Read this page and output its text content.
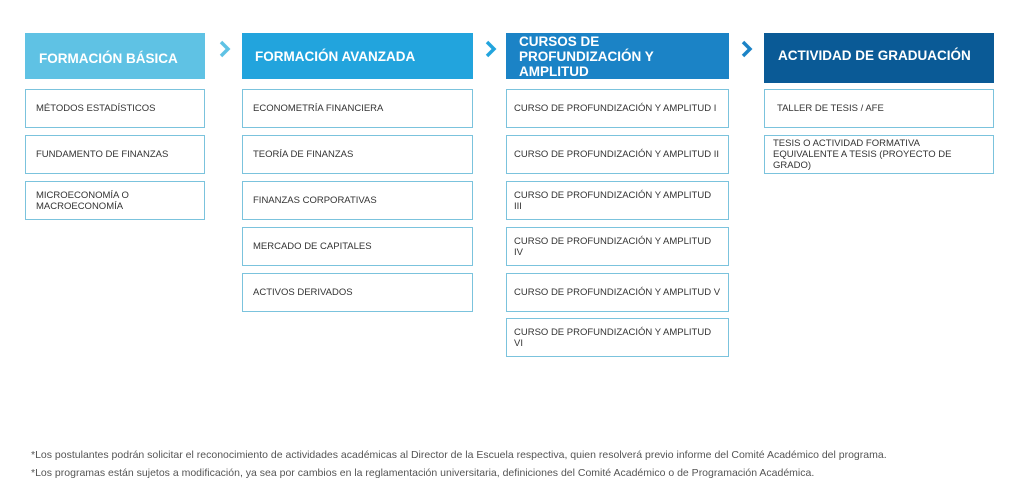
FORMACIÓN BÁSICA
MÉTODOS ESTADÍSTICOS
FUNDAMENTO DE FINANZAS
MICROECONOMÍA O MACROECONOMÍA
FORMACIÓN AVANZADA
ECONOMETRÍA FINANCIERA
TEORÍA DE FINANZAS
FINANZAS CORPORATIVAS
MERCADO DE CAPITALES
ACTIVOS DERIVADOS
CURSOS DE PROFUNDIZACIÓN Y AMPLITUD
CURSO DE PROFUNDIZACIÓN Y AMPLITUD I
CURSO DE PROFUNDIZACIÓN Y AMPLITUD II
CURSO DE PROFUNDIZACIÓN Y AMPLITUD III
CURSO DE PROFUNDIZACIÓN Y AMPLITUD IV
CURSO DE PROFUNDIZACIÓN Y AMPLITUD V
CURSO DE PROFUNDIZACIÓN Y AMPLITUD VI
ACTIVIDAD DE GRADUACIÓN
TALLER DE TESIS / AFE
TESIS O ACTIVIDAD FORMATIVA EQUIVALENTE A TESIS (PROYECTO DE GRADO)
*Los postulantes podrán solicitar el reconocimiento de actividades académicas al Director de la Escuela respectiva, quien resolverá previo informe del Comité Académico del programa.
*Los programas están sujetos a modificación, ya sea por cambios en la reglamentación universitaria, definiciones del Comité Académico o de Programación Académica.
